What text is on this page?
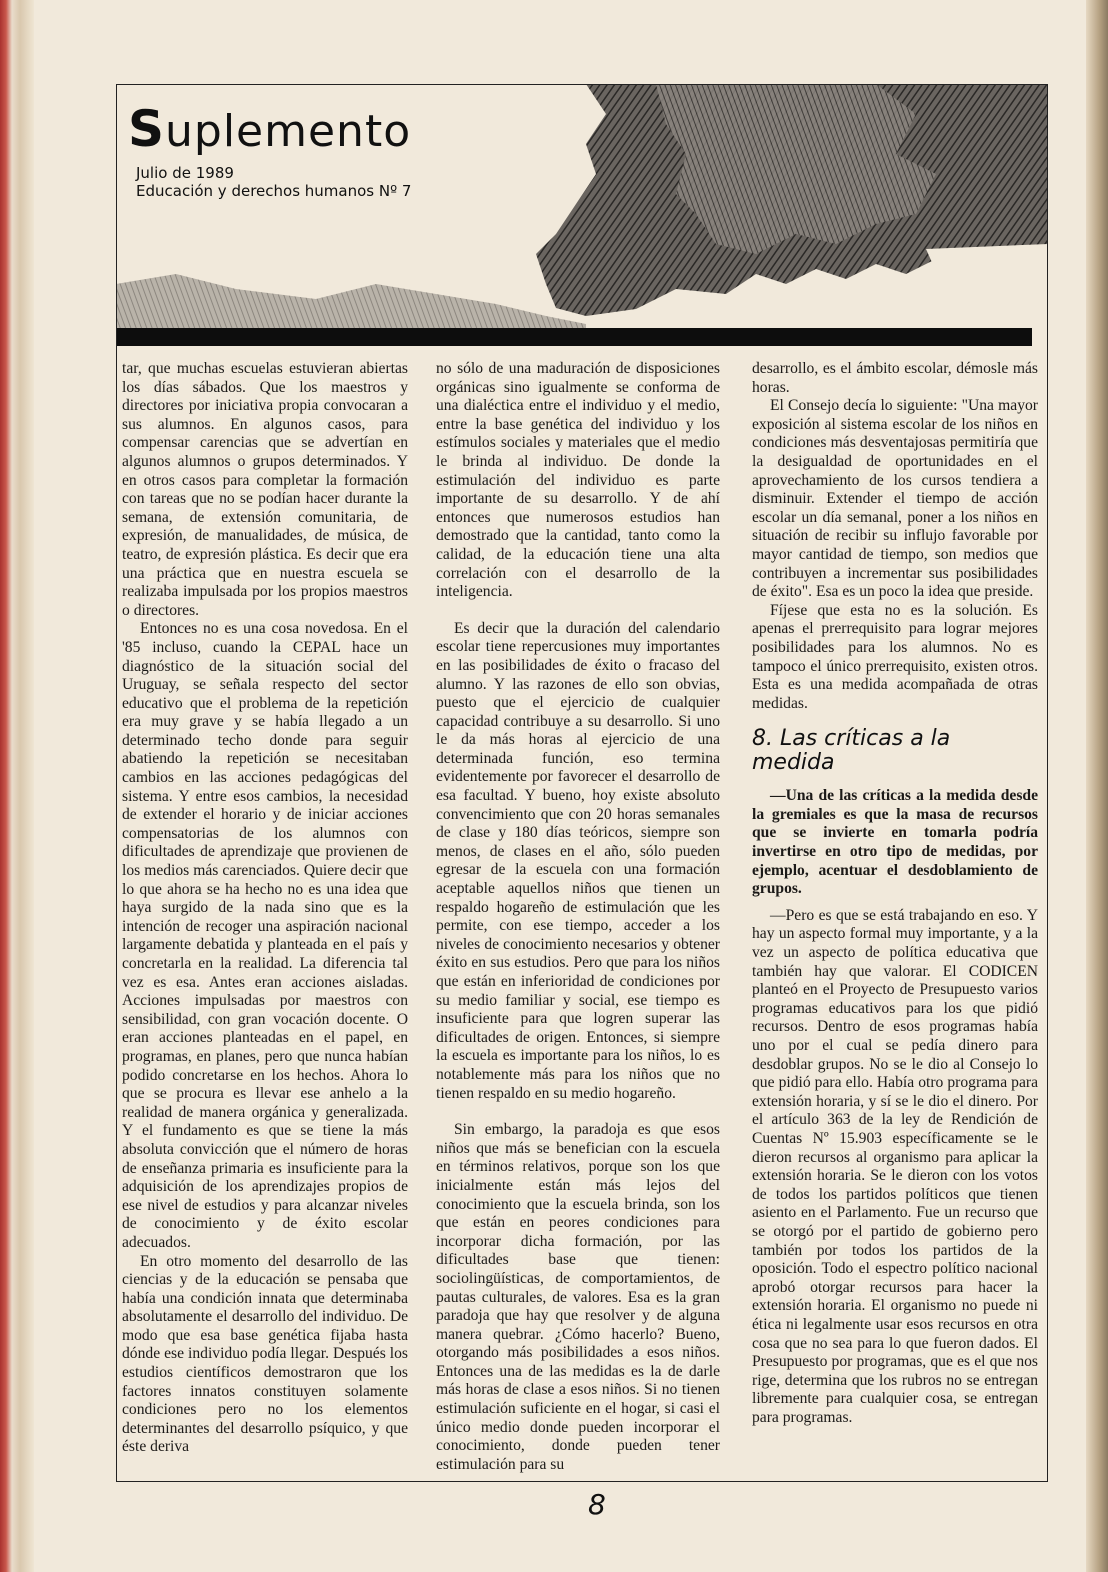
Suplemento
Julio de 1989
Educación y derechos humanos Nº 7

tar, que muchas escuelas estuvieran abiertas los días sábados. Que los maestros y directores por iniciativa propia convocaran a sus alumnos. En algunos casos, para compensar carencias que se advertían en algunos alumnos o grupos determinados. Y en otros casos para completar la formación con tareas que no se podían hacer durante la semana, de extensión comunitaria, de expresión, de manualidades, de música, de teatro, de expresión plástica. Es decir que era una práctica que en nuestra escuela se realizaba impulsada por los propios maestros o directores.

Entonces no es una cosa novedosa. En el '85 incluso, cuando la CEPAL hace un diagnóstico de la situación social del Uruguay, se señala respecto del sector educativo que el problema de la repetición era muy grave y se había llegado a un determinado techo donde para seguir abatiendo la repetición se necesitaban cambios en las acciones pedagógicas del sistema. Y entre esos cambios, la necesidad de extender el horario y de iniciar acciones compensatorias de los alumnos con dificultades de aprendizaje que provienen de los medios más carenciados. Quiere decir que lo que ahora se ha hecho no es una idea que haya surgido de la nada sino que es la intención de recoger una aspiración nacional largamente debatida y planteada en el país y concretarla en la realidad. La diferencia tal vez es esa. Antes eran acciones aisladas. Acciones impulsadas por maestros con sensibilidad, con gran vocación docente. O eran acciones planteadas en el papel, en programas, en planes, pero que nunca habían podido concretarse en los hechos. Ahora lo que se procura es llevar ese anhelo a la realidad de manera orgánica y generalizada. Y el fundamento es que se tiene la más absoluta convicción que el número de horas de enseñanza primaria es insuficiente para la adquisición de los aprendizajes propios de ese nivel de estudios y para alcanzar niveles de conocimiento y de éxito escolar adecuados.

En otro momento del desarrollo de las ciencias y de la educación se pensaba que había una condición innata que determinaba absolutamente el desarrollo del individuo. De modo que esa base genética fijaba hasta dónde ese individuo podía llegar. Después los estudios científicos demostraron que los factores innatos constituyen solamente condiciones pero no los elementos determinantes del desarrollo psíquico, y que éste deriva

no sólo de una maduración de disposiciones orgánicas sino igualmente se conforma de una dialéctica entre el individuo y el medio, entre la base genética del individuo y los estímulos sociales y materiales que el medio le brinda al individuo. De donde la estimulación del individuo es parte importante de su desarrollo. Y de ahí entonces que numerosos estudios han demostrado que la cantidad, tanto como la calidad, de la educación tiene una alta correlación con el desarrollo de la inteligencia.

Es decir que la duración del calendario escolar tiene repercusiones muy importantes en las posibilidades de éxito o fracaso del alumno. Y las razones de ello son obvias, puesto que el ejercicio de cualquier capacidad contribuye a su desarrollo. Si uno le da más horas al ejercicio de una determinada función, eso termina evidentemente por favorecer el desarrollo de esa facultad. Y bueno, hoy existe absoluto convencimiento que con 20 horas semanales de clase y 180 días teóricos, siempre son menos, de clases en el año, sólo pueden egresar de la escuela con una formación aceptable aquellos niños que tienen un respaldo hogareño de estimulación que les permite, con ese tiempo, acceder a los niveles de conocimiento necesarios y obtener éxito en sus estudios. Pero que para los niños que están en inferioridad de condiciones por su medio familiar y social, ese tiempo es insuficiente para que logren superar las dificultades de origen. Entonces, si siempre la escuela es importante para los niños, lo es notablemente más para los niños que no tienen respaldo en su medio hogareño.

Sin embargo, la paradoja es que esos niños que más se benefician con la escuela en términos relativos, porque son los que inicialmente están más lejos del conocimiento que la escuela brinda, son los que están en peores condiciones para incorporar dicha formación, por las dificultades base que tienen: sociolingüísticas, de comportamientos, de pautas culturales, de valores. Esa es la gran paradoja que hay que resolver y de alguna manera quebrar. ¿Cómo hacerlo? Bueno, otorgando más posibilidades a esos niños. Entonces una de las medidas es la de darle más horas de clase a esos niños. Si no tienen estimulación suficiente en el hogar, si casi el único medio donde pueden incorporar el conocimiento, donde pueden tener estimulación para su

desarrollo, es el ámbito escolar, démosle más horas.

El Consejo decía lo siguiente: "Una mayor exposición al sistema escolar de los niños en condiciones más desventajosas permitiría que la desigualdad de oportunidades en el aprovechamiento de los cursos tendiera a disminuir. Extender el tiempo de acción escolar un día semanal, poner a los niños en situación de recibir su influjo favorable por mayor cantidad de tiempo, son medios que contribuyen a incrementar sus posibilidades de éxito". Esa es un poco la idea que preside.

Fíjese que esta no es la solución. Es apenas el prerrequisito para lograr mejores posibilidades para los alumnos. No es tampoco el único prerrequisito, existen otros. Esta es una medida acompañada de otras medidas.

8. Las críticas a la medida

—Una de las críticas a la medida desde la gremiales es que la masa de recursos que se invierte en tomarla podría invertirse en otro tipo de medidas, por ejemplo, acentuar el desdoblamiento de grupos.

—Pero es que se está trabajando en eso. Y hay un aspecto formal muy importante, y a la vez un aspecto de política educativa que también hay que valorar. El CODICEN planteó en el Proyecto de Presupuesto varios programas educativos para los que pidió recursos. Dentro de esos programas había uno por el cual se pedía dinero para desdoblar grupos. No se le dio al Consejo lo que pidió para ello. Había otro programa para extensión horaria, y sí se le dio el dinero. Por el artículo 363 de la ley de Rendición de Cuentas Nº 15.903 específicamente se le dieron recursos al organismo para aplicar la extensión horaria. Se le dieron con los votos de todos los partidos políticos que tienen asiento en el Parlamento. Fue un recurso que se otorgó por el partido de gobierno pero también por todos los partidos de la oposición. Todo el espectro político nacional aprobó otorgar recursos para hacer la extensión horaria. El organismo no puede ni ética ni legalmente usar esos recursos en otra cosa que no sea para lo que fueron dados. El Presupuesto por programas, que es el que nos rige, determina que los rubros no se entregan libremente para cualquier cosa, se entregan para programas.

8
